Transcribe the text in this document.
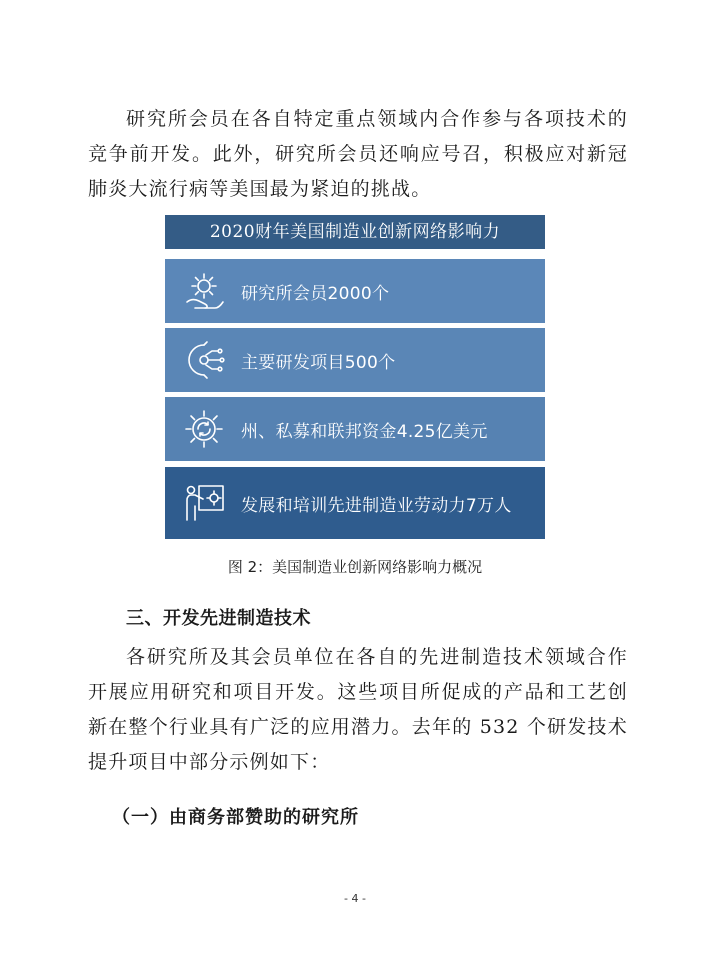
研究所会员在各自特定重点领域内合作参与各项技术的竞争前开发。此外，研究所会员还响应号召，积极应对新冠肺炎大流行病等美国最为紧迫的挑战。

2020财年美国制造业创新网络影响力
研究所会员2000个
主要研发项目500个
州、私募和联邦资金4.25亿美元
发展和培训先进制造业劳动力7万人
图 2：美国制造业创新网络影响力概况
三、开发先进制造技术

各研究所及其会员单位在各自的先进制造技术领域合作开展应用研究和项目开发。这些项目所促成的产品和工艺创新在整个行业具有广泛的应用潜力。去年的 532 个研发技术提升项目中部分示例如下：

（一）由商务部赞助的研究所
- 4 -
